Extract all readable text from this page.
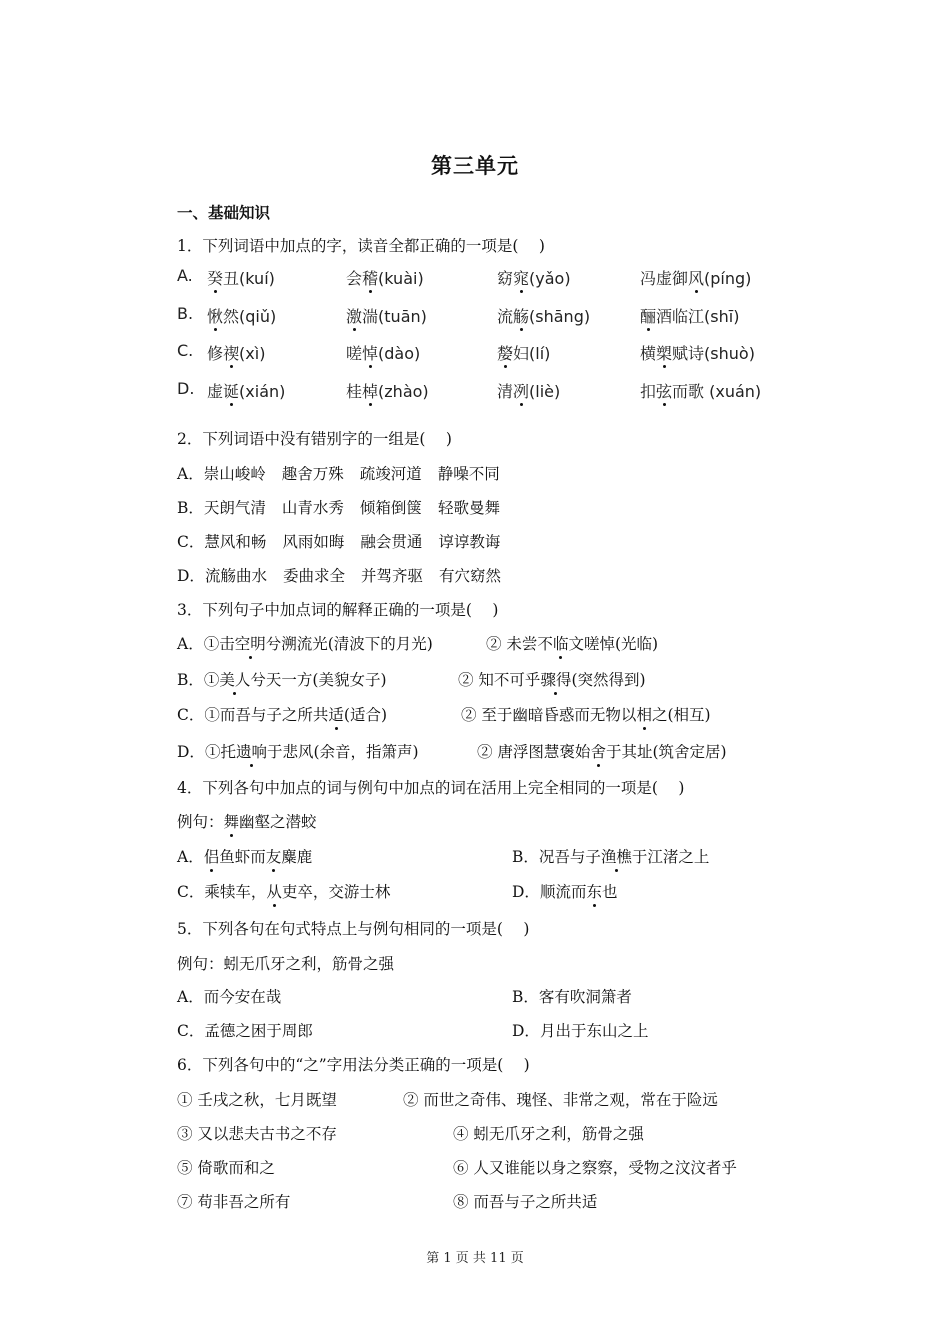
第三单元
一、基础知识
1．下列词语中加点的字，读音全都正确的一项是(　 )
A. 癸丑(kuí)	会稽(kuài)	窈窕(yǎo)	冯虚御风(píng)
B. 愀然(qiǔ)	激湍(tuān)	流觞(shāng)	酾酒临江(shī)
C. 修禊(xì)	嗟悼(dào)	嫠妇(lí)	横槊赋诗(shuò)
D. 虚诞(xián)	桂棹(zhào)	清冽(liè)	扣弦而歌 (xuán)
2．下列词语中没有错别字的一组是(　 )
A．崇山峻岭 趣舍万殊 疏竣河道 静噪不同
B．天朗气清 山青水秀 倾箱倒箧 轻歌曼舞
C．慧风和畅 风雨如晦 融会贯通 谆谆教诲
D．流觞曲水 委曲求全 并驾齐驱 有穴窈然
3．下列句子中加点词的解释正确的一项是(　 )
A．①击空明兮溯流光(清波下的月光)	② 未尝不临文嗟悼(光临)
B．①美人兮天一方(美貌女子)	② 知不可乎骤得(突然得到)
C．①而吾与子之所共适(适合)	② 至于幽暗昏惑而无物以相之(相互)
D．①托遗响于悲风(余音，指箫声)	② 唐浮图慧褒始舍于其址(筑舍定居)
4．下列各句中加点的词与例句中加点的词在活用上完全相同的一项是(　 )
例句：舞幽壑之潜蛟
A．侣鱼虾而友麋鹿	B．况吾与子渔樵于江渚之上
C．乘犊车，从吏卒，交游士林	D．顺流而东也
5．下列各句在句式特点上与例句相同的一项是(　 )
例句：蚓无爪牙之利，筋骨之强
A．而今安在哉	B．客有吹洞箫者
C．孟德之困于周郎	D．月出于东山之上
6．下列各句中的“之”字用法分类正确的一项是(　 )
① 壬戌之秋，七月既望	② 而世之奇伟、瑰怪、非常之观，常在于险远
③ 又以悲夫古书之不存	④ 蚓无爪牙之利，筋骨之强
⑤ 倚歌而和之	⑥ 人又谁能以身之察察，受物之汶汶者乎
⑦ 苟非吾之所有	⑧ 而吾与子之所共适
第 1 页 共 11 页
